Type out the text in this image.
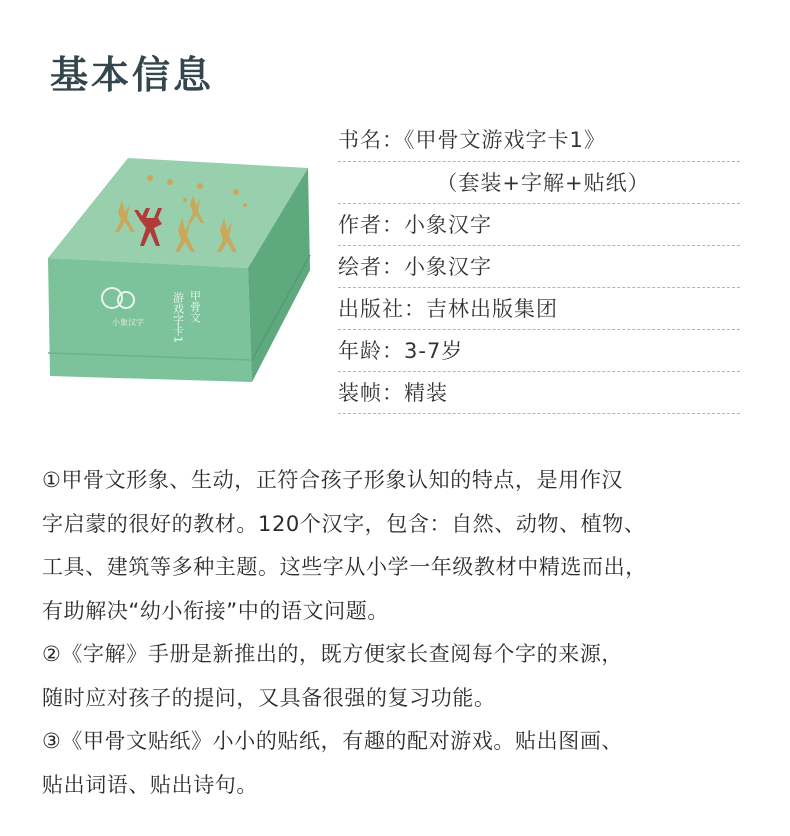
基本信息
小象汉字	游戏字卡1 甲骨文
书名：《甲骨文游戏字卡1》
（套装+字解+贴纸）
作者：小象汉字
绘者：小象汉字
出版社：吉林出版集团
年龄：3-7岁
装帧：精装

①甲骨文形象、生动，正符合孩子形象认知的特点，是用作汉

字启蒙的很好的教材。120个汉字，包含：自然、动物、植物、

工具、建筑等多种主题。这些字从小学一年级教材中精选而出，

有助解决“幼小衔接”中的语文问题。

②《字解》手册是新推出的，既方便家长查阅每个字的来源，

随时应对孩子的提问，又具备很强的复习功能。

③《甲骨文贴纸》小小的贴纸，有趣的配对游戏。贴出图画、

贴出词语、贴出诗句。
